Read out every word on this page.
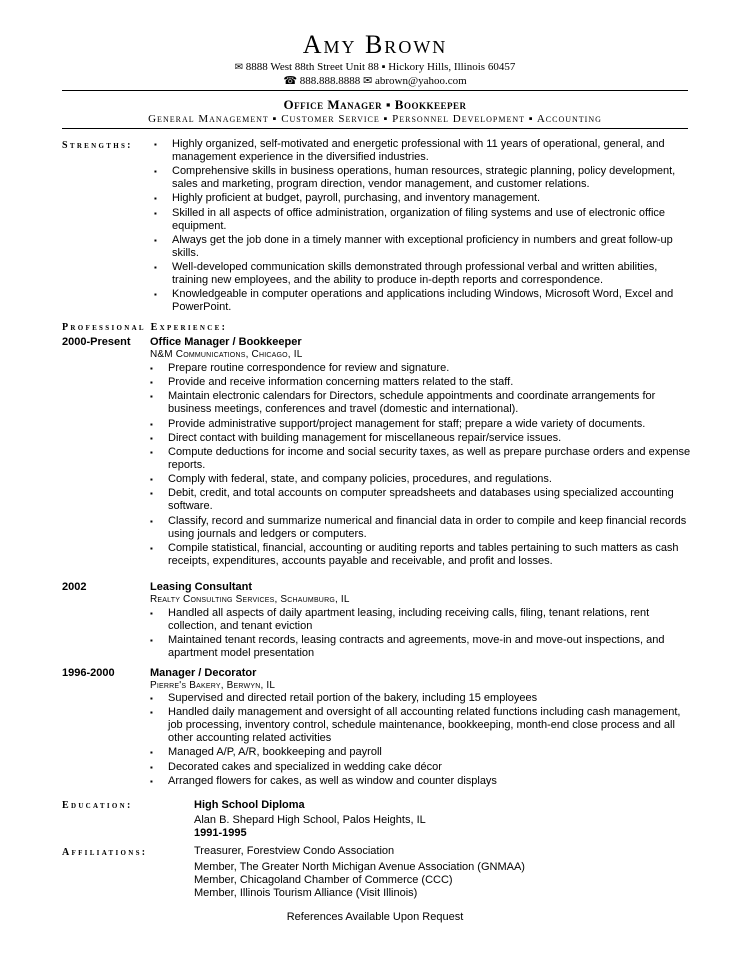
Amy Brown
✉ 8888 West 88th Street Unit 88 ▪ Hickory Hills, Illinois 60457
☎ 888.888.8888 ✉ abrown@yahoo.com
Office Manager ▪ Bookkeeper
General Management ▪ Customer Service ▪ Personnel Development ▪ Accounting
Strengths:	▪ Highly organized, self-motivated and energetic professional with 11 years of operational, general, and management experience in the diversified industries.
▪ Comprehensive skills in business operations, human resources, strategic planning, policy development, sales and marketing, program direction, vendor management, and customer relations.
▪ Highly proficient at budget, payroll, purchasing, and inventory management.
▪ Skilled in all aspects of office administration, organization of filing systems and use of electronic office equipment.
▪ Always get the job done in a timely manner with exceptional proficiency in numbers and great follow-up skills.
▪ Well-developed communication skills demonstrated through professional verbal and written abilities, training new employees, and the ability to produce in-depth reports and correspondence.
▪ Knowledgeable in computer operations and applications including Windows, Microsoft Word, Excel and PowerPoint.
Professional Experience:
2000-Present Office Manager / Bookkeeper
N&M Communications, Chicago, IL
▪ Prepare routine correspondence for review and signature.
▪ Provide and receive information concerning matters related to the staff.
▪ Maintain electronic calendars for Directors, schedule appointments and coordinate arrangements for business meetings, conferences and travel (domestic and international).
▪ Provide administrative support/project management for staff; prepare a wide variety of documents.
▪ Direct contact with building management for miscellaneous repair/service issues.
▪ Compute deductions for income and social security taxes, as well as prepare purchase orders and expense reports.
▪ Comply with federal, state, and company policies, procedures, and regulations.
▪ Debit, credit, and total accounts on computer spreadsheets and databases using specialized accounting software.
▪ Classify, record and summarize numerical and financial data in order to compile and keep financial records using journals and ledgers or computers.
▪ Compile statistical, financial, accounting or auditing reports and tables pertaining to such matters as cash receipts, expenditures, accounts payable and receivable, and profit and losses.
2002	Leasing Consultant
Realty Consulting Services, Schaumburg, IL
▪ Handled all aspects of daily apartment leasing, including receiving calls, filing, tenant relations, rent collection, and tenant eviction
▪ Maintained tenant records, leasing contracts and agreements, move-in and move-out inspections, and apartment model presentation
1996-2000	Manager / Decorator
Pierre's Bakery, Berwyn, IL
▪ Supervised and directed retail portion of the bakery, including 15 employees
▪ Handled daily management and oversight of all accounting related functions including cash management, job processing, inventory control, schedule maintenance, bookkeeping, month-end close process and all other accounting related activities
▪ Managed A/P, A/R, bookkeeping and payroll
▪ Decorated cakes and specialized in wedding cake décor
▪ Arranged flowers for cakes, as well as window and counter displays
Education:	High School Diploma
Alan B. Shepard High School, Palos Heights, IL
1991-1995
Affiliations:	Treasurer, Forestview Condo Association
Member, The Greater North Michigan Avenue Association (GNMAA)
Member, Chicagoland Chamber of Commerce (CCC)
Member, Illinois Tourism Alliance (Visit Illinois)
References Available Upon Request
